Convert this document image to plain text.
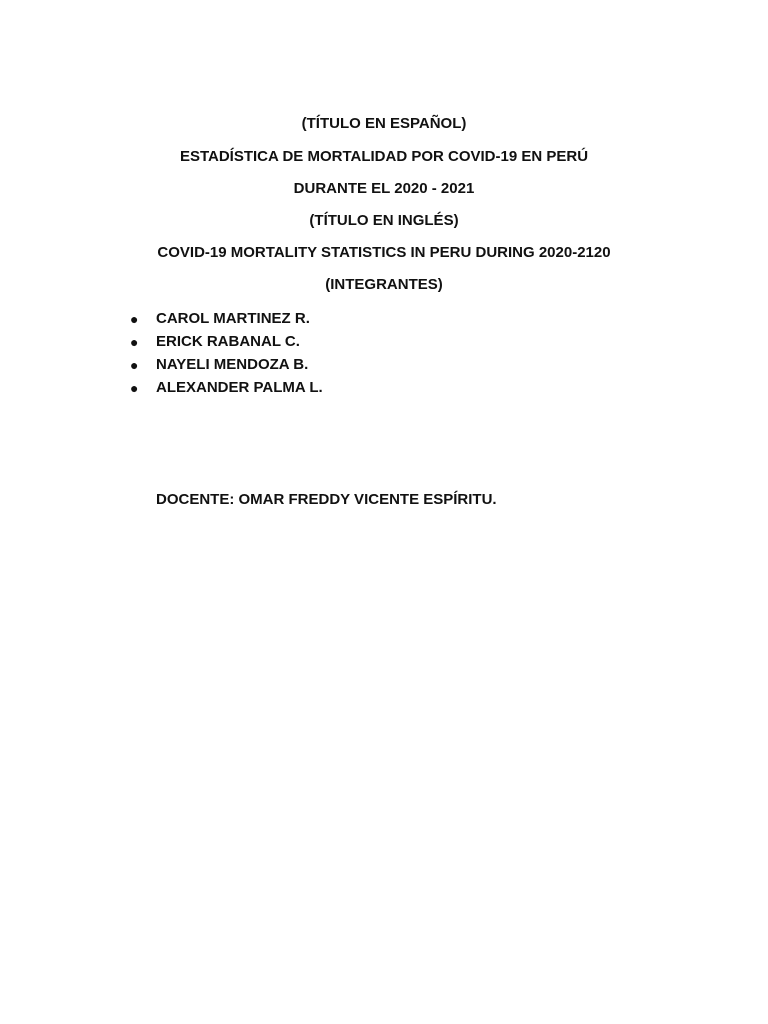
(TÍTULO EN ESPAÑOL)
ESTADÍSTICA DE MORTALIDAD POR COVID-19 EN PERÚ
DURANTE EL 2020 - 2021
(TÍTULO EN INGLÉS)
COVID-19 MORTALITY STATISTICS IN PERU DURING 2020-2120
(INTEGRANTES)
●	CAROL MARTINEZ R.
●	ERICK RABANAL C.
●	NAYELI MENDOZA B.
●	ALEXANDER PALMA L.
DOCENTE: OMAR FREDDY VICENTE ESPÍRITU.
